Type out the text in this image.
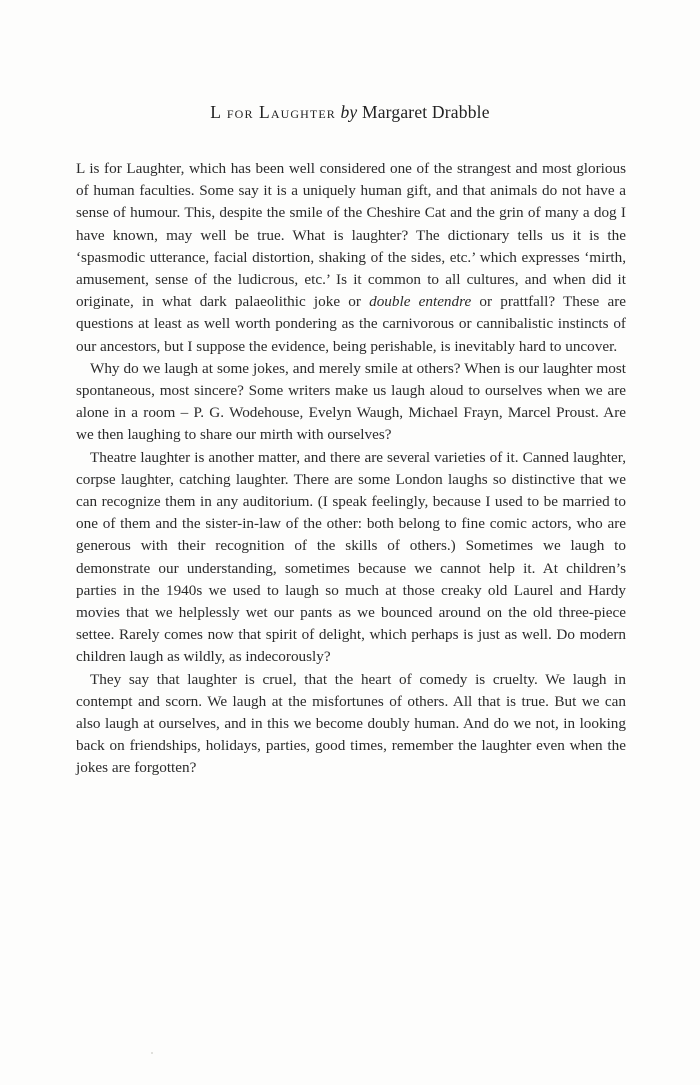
L for Laughter by Margaret Drabble

L is for Laughter, which has been well considered one of the strangest and most glorious of human faculties. Some say it is a uniquely human gift, and that animals do not have a sense of humour. This, despite the smile of the Cheshire Cat and the grin of many a dog I have known, may well be true. What is laughter? The dictionary tells us it is the ‘spasmodic utterance, facial distortion, shaking of the sides, etc.’ which expresses ‘mirth, amusement, sense of the ludicrous, etc.’ Is it common to all cultures, and when did it originate, in what dark palaeolithic joke or double entendre or prattfall? These are questions at least as well worth pondering as the carnivorous or cannibalistic instincts of our ancestors, but I suppose the evidence, being perishable, is inevitably hard to uncover.

Why do we laugh at some jokes, and merely smile at others? When is our laughter most spontaneous, most sincere? Some writers make us laugh aloud to ourselves when we are alone in a room – P. G. Wodehouse, Evelyn Waugh, Michael Frayn, Marcel Proust. Are we then laughing to share our mirth with ourselves?

Theatre laughter is another matter, and there are several varieties of it. Canned laughter, corpse laughter, catching laughter. There are some London laughs so distinctive that we can recognize them in any auditorium. (I speak feelingly, because I used to be married to one of them and the sister-in-law of the other: both belong to fine comic actors, who are generous with their recognition of the skills of others.) Sometimes we laugh to demonstrate our understanding, sometimes because we cannot help it. At children’s parties in the 1940s we used to laugh so much at those creaky old Laurel and Hardy movies that we helplessly wet our pants as we bounced around on the old three-piece settee. Rarely comes now that spirit of delight, which perhaps is just as well. Do modern children laugh as wildly, as indecorously?

They say that laughter is cruel, that the heart of comedy is cruelty. We laugh in contempt and scorn. We laugh at the misfortunes of others. All that is true. But we can also laugh at ourselves, and in this we become doubly human. And do we not, in looking back on friendships, holidays, parties, good times, remember the laughter even when the jokes are forgotten?
